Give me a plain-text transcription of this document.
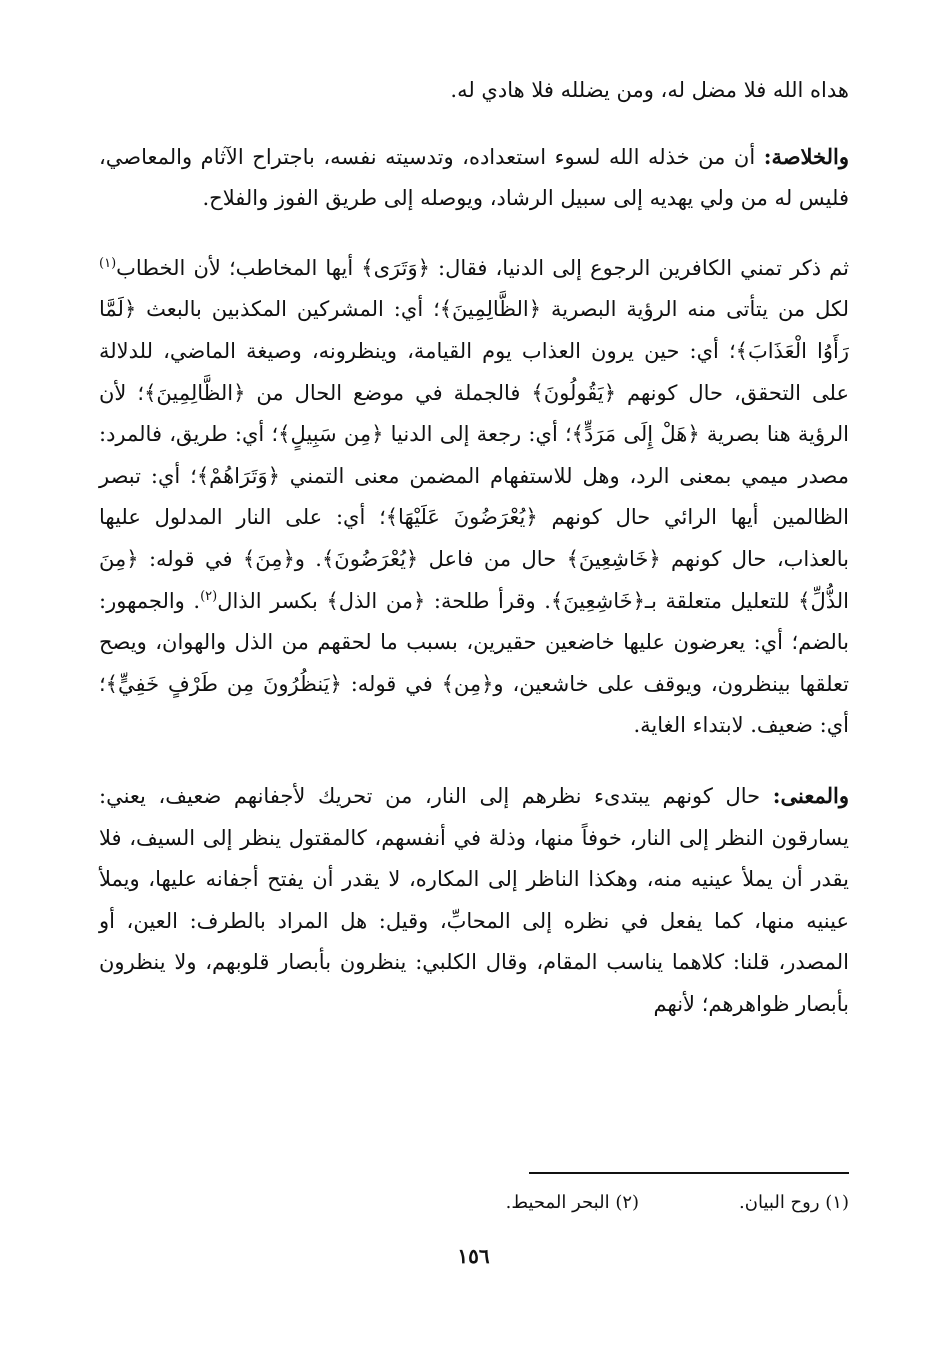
هداه الله فلا مضل له، ومن يضلله فلا هادي له.

والخلاصة: أن من خذله الله لسوء استعداده، وتدسيته نفسه، باجتراح الآثام والمعاصي، فليس له من ولي يهديه إلى سبيل الرشاد، ويوصله إلى طريق الفوز والفلاح.

ثم ذكر تمني الكافرين الرجوع إلى الدنيا، فقال: ﴿وَتَرَى﴾ أيها المخاطب؛ لأن الخطاب$^{(١)}$ لكل من يتأتى منه الرؤية البصرية ﴿الظَّالِمِينَ﴾؛ أي: المشركين المكذبين بالبعث ﴿لَمَّا رَأَوُا الْعَذَابَ﴾؛ أي: حين يرون العذاب يوم القيامة، وينظرونه، وصيغة الماضي، للدلالة على التحقق، حال كونهم ﴿يَقُولُونَ﴾ فالجملة في موضع الحال من ﴿الظَّالِمِينَ﴾؛ لأن الرؤية هنا بصرية ﴿هَلْ إِلَى مَرَدٍّ﴾؛ أي: رجعة إلى الدنيا ﴿مِن سَبِيلٍ﴾؛ أي: طريق، فالمرد: مصدر ميمي بمعنى الرد، وهل للاستفهام المضمن معنى التمني ﴿وَتَرَاهُمْ﴾؛ أي: تبصر الظالمين أيها الرائي حال كونهم ﴿يُعْرَضُونَ عَلَيْهَا﴾؛ أي: على النار المدلول عليها بالعذاب، حال كونهم ﴿خَاشِعِينَ﴾ حال من فاعل ﴿يُعْرَضُونَ﴾. و﴿مِنَ﴾ في قوله: ﴿مِنَ الذُّلِّ﴾ للتعليل متعلقة بـ﴿خَاشِعِينَ﴾. وقرأ طلحة: ﴿من الذل﴾ بكسر الذال$^{(٢)}$. والجمهور: بالضم؛ أي: يعرضون عليها خاضعين حقيرين، بسبب ما لحقهم من الذل والهوان، ويصح تعلقها بينظرون، ويوقف على خاشعين، و﴿مِن﴾ في قوله: ﴿يَنظُرُونَ مِن طَرْفٍ خَفِيٍّ﴾؛ أي: ضعيف. لابتداء الغاية.

والمعنى: حال كونهم يبتدىء نظرهم إلى النار، من تحريك لأجفانهم ضعيف، يعني: يسارقون النظر إلى النار، خوفاً منها، وذلة في أنفسهم، كالمقتول ينظر إلى السيف، فلا يقدر أن يملأ عينيه منه، وهكذا الناظر إلى المكاره، لا يقدر أن يفتح أجفانه عليها، ويملأ عينيه منها، كما يفعل في نظره إلى المحابِّ، وقيل: هل المراد بالطرف: العين، أو المصدر، قلنا: كلاهما يناسب المقام، وقال الكلبي: ينظرون بأبصار قلوبهم، ولا ينظرون بأبصار ظواهرهم؛ لأنهم

(١) روح البيان.
(٢) البحر المحيط.
١٥٦
